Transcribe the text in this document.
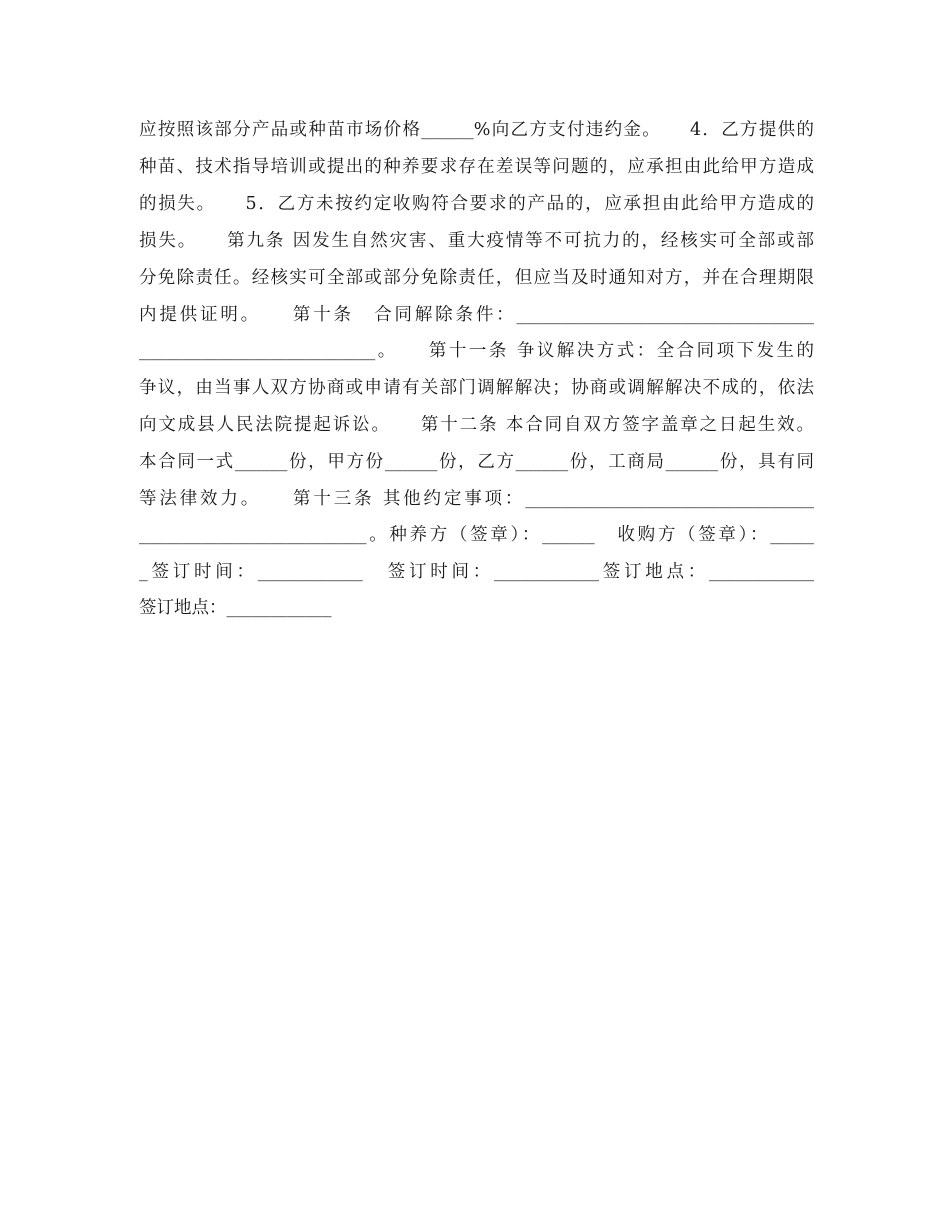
应按照该部分产品或种苗市场价格______%向乙方支付违约金。　　4．乙方提供的
种苗、技术指导培训或提出的种养要求存在差误等问题的，应承担由此给甲方造成
的损失。　　5．乙方未按约定收购符合要求的产品的，应承担由此给甲方造成的
损失。　　第九条 因发生自然灾害、重大疫情等不可抗力的，经核实可全部或部
分免除责任。经核实可全部或部分免除责任，但应当及时通知对方，并在合理期限
内提供证明。　　第十条　合同解除条件：__________________________________
___________________________。　　第十一条 争议解决方式：全合同项下发生的
争议，由当事人双方协商或申请有关部门调解解决；协商或调解解决不成的，依法
向文成县人民法院提起诉讼。　　第十二条 本合同自双方签字盖章之日起生效。
本合同一式______份，甲方份______份，乙方______份，工商局______份，具有同
等法律效力。　　第十三条 其他约定事项：_________________________________
__________________________。种养方（签章）：______　收购方（签章）：_____
_签订时间：____________　签订时间：____________签订地点：____________
签订地点：____________
